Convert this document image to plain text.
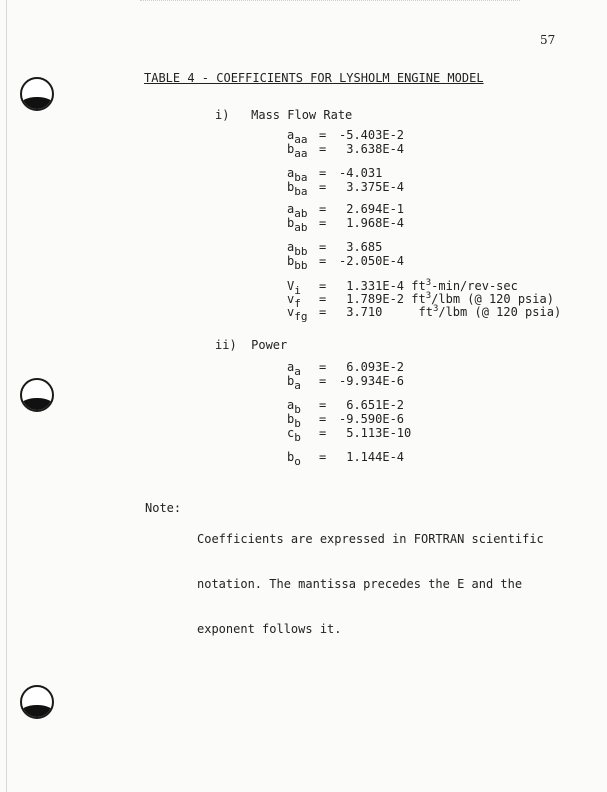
57
TABLE 4 - COEFFICIENTS FOR LYSHOLM ENGINE MODEL
i)   Mass Flow Rate
aaa = -5.403E-2
baa = 3.638E-4
aba = -4.031
bba = 3.375E-4
aab = 2.694E-1
bab = 1.968E-4
abb = 3.685
bbb = -2.050E-4
Vi = 1.331E-4 $ft^3-\min/rev-\sec$
vf = 1.789E-2 $ft^3$/lbm (@ 120 psia)
vfg = 3.710     $ft^3$/lbm (@ 120 psia)
ii)  Power
aa = 6.093E-2
ba = -9.934E-6
ab = 6.651E-2
bb = -9.590E-6
cb = 5.113E-10
bo = 1.144E-4
Note:

Coefficients are expressed in FORTRAN scientific

notation. The mantissa precedes the E and the

exponent follows it.
